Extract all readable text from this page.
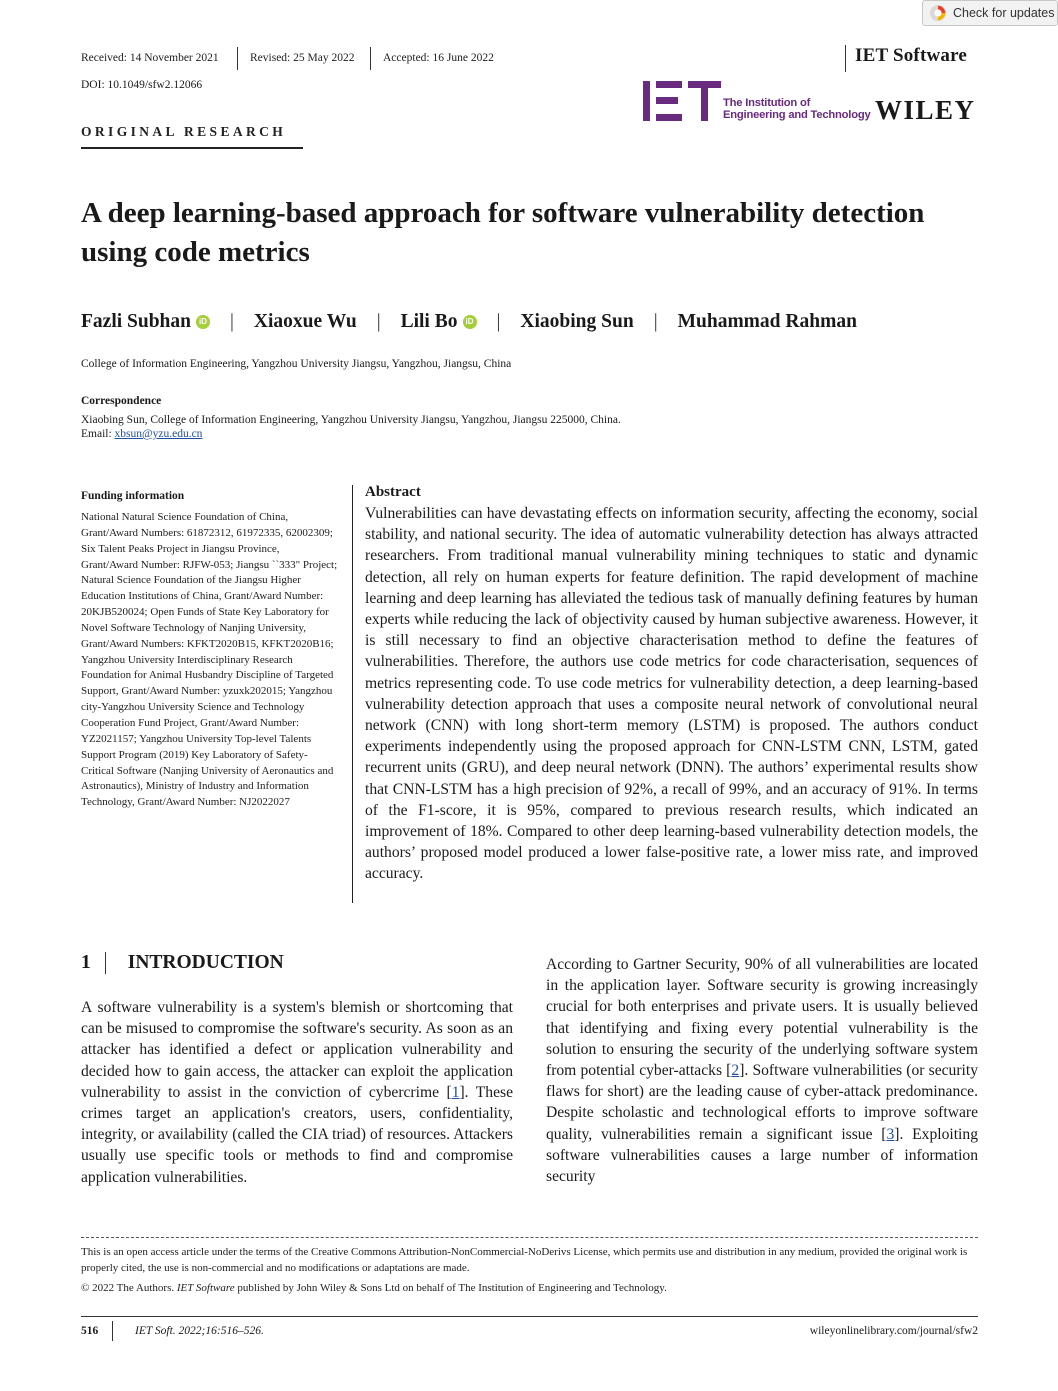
Check for updates
Received: 14 November 2021	Revised: 25 May 2022 Accepted: 16 June 2022	IET Software
DOI: 10.1049/sfw2.12066
The Institution of
Engineering and Technology WILEY
ORIGINAL RESEARCH
A deep learning-based approach for software vulnerability detection using code metrics
Fazli Subhan	iD | Xiaoxue Wu | Lili Bo	iD | Xiaobing Sun | Muhammad Rahman
College of Information Engineering, Yangzhou University Jiangsu, Yangzhou, Jiangsu, China
Correspondence
Xiaobing Sun, College of Information Engineering, Yangzhou University Jiangsu, Yangzhou, Jiangsu 225000, China.
Email: xbsun@yzu.edu.cn
Funding information
National Natural Science Foundation of China, Grant/Award Numbers: 61872312, 61972335, 62002309; Six Talent Peaks Project in Jiangsu Province, Grant/Award Number: RJFW-053; Jiangsu ``333" Project; Natural Science Foundation of the Jiangsu Higher Education Institutions of China, Grant/Award Number: 20KJB520024; Open Funds of State Key Laboratory for Novel Software Technology of Nanjing University, Grant/Award Numbers: KFKT2020B15, KFKT2020B16; Yangzhou University Interdisciplinary Research Foundation for Animal Husbandry Discipline of Targeted Support, Grant/Award Number: yzuxk202015; Yangzhou city-Yangzhou University Science and Technology Cooperation Fund Project, Grant/Award Number: YZ2021157; Yangzhou University Top-level Talents Support Program (2019) Key Laboratory of Safety-Critical Software (Nanjing University of Aeronautics and Astronautics), Ministry of Industry and Information Technology, Grant/Award Number: NJ2022027
Abstract
Vulnerabilities can have devastating effects on information security, affecting the economy, social stability, and national security. The idea of automatic vulnerability detection has always attracted researchers. From traditional manual vulnerability mining techniques to static and dynamic detection, all rely on human experts for feature definition. The rapid development of machine learning and deep learning has alleviated the tedious task of manually defining features by human experts while reducing the lack of objectivity caused by human subjective awareness. However, it is still necessary to find an objective characterisation method to define the features of vulnerabilities. Therefore, the authors use code metrics for code characterisation, sequences of metrics representing code. To use code metrics for vulnerability detection, a deep learning-based vulnerability detection approach that uses a composite neural network of convolutional neural network (CNN) with long short-term memory (LSTM) is proposed. The authors conduct experiments independently using the proposed approach for CNN-LSTM CNN, LSTM, gated recurrent units (GRU), and deep neural network (DNN). The authors’ experimental results show that CNN-LSTM has a high precision of 92%, a recall of 99%, and an accuracy of 91%. In terms of the F1-score, it is 95%, compared to previous research results, which indicated an improvement of 18%. Compared to other deep learning-based vulnerability detection models, the authors’ proposed model produced a lower false-positive rate, a lower miss rate, and improved accuracy.
1 INTRODUCTION
A software vulnerability is a system's blemish or shortcoming that can be misused to compromise the software's security. As soon as an attacker has identified a defect or application vulnerability and decided how to gain access, the attacker can exploit the application vulnerability to assist in the conviction of cybercrime [1]. These crimes target an application's creators, users, confidentiality, integrity, or availability (called the CIA triad) of resources. Attackers usually use specific tools or methods to find and compromise application vulnerabilities.
According to Gartner Security, 90% of all vulnerabilities are located in the application layer. Software security is growing increasingly crucial for both enterprises and private users. It is usually believed that identifying and fixing every potential vulnerability is the solution to ensuring the security of the underlying software system from potential cyber-attacks [2]. Software vulnerabilities (or security flaws for short) are the leading cause of cyber-attack predominance. Despite scholastic and technological efforts to improve software quality, vulnerabilities remain a significant issue [3]. Exploiting software vulnerabilities causes a large number of information security
This is an open access article under the terms of the Creative Commons Attribution-NonCommercial-NoDerivs License, which permits use and distribution in any medium, provided the original work is properly cited, the use is non-commercial and no modifications or adaptations are made.
© 2022 The Authors. IET Software published by John Wiley & Sons Ltd on behalf of The Institution of Engineering and Technology.
516	IET Soft. 2022;16:516–526.	wileyonlinelibrary.com/journal/sfw2
